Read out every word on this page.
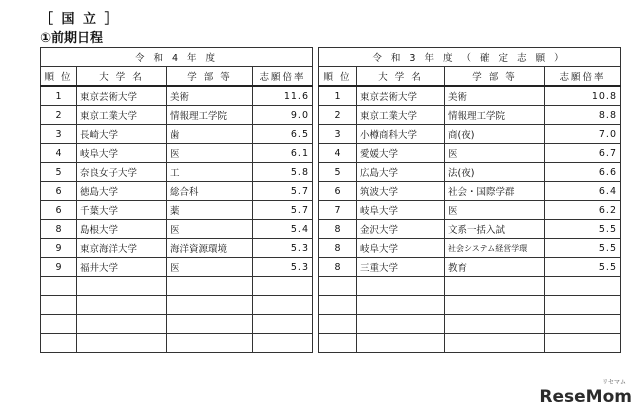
［ 国 立 ］
①前期日程
令 和 4 年 度			
順 位	大 学 名	学 部 等	志願倍率
1	東京芸術大学	美術	11.6
2	東京工業大学	情報理工学院	9.0
3	長崎大学	歯	6.5
4	岐阜大学	医	6.1
5	奈良女子大学	工	5.8
6	徳島大学	総合科	5.7
6	千葉大学	薬	5.7
8	島根大学	医	5.4
9	東京海洋大学	海洋資源環境	5.3
9	福井大学	医	5.3

令 和 3 年 度 （ 確 定 志 願 ）			
順 位	大 学 名	学 部 等	志願倍率
1	東京芸術大学	美術	10.8
2	東京工業大学	情報理工学院	8.8
3	小樽商科大学	商(夜)	7.0
4	愛媛大学	医	6.7
5	広島大学	法(夜)	6.6
6	筑波大学	社会・国際学群	6.4
7	岐阜大学	医	6.2
8	金沢大学	文系一括入試	5.5
8	岐阜大学	社会システム経営学環	5.5
8	三重大学	教育	5.5

リセマム
ReseMom
